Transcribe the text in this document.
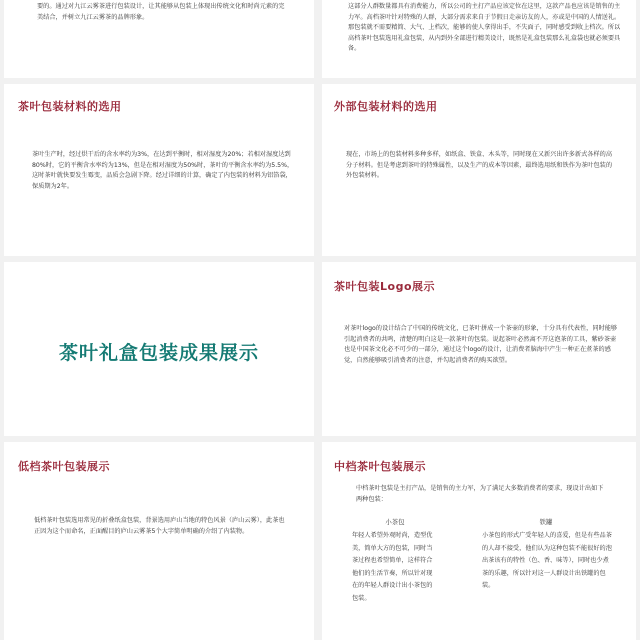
要的。通过对九江云雾茶进行包装设计，让其能够从包装上体现出传统文化和时尚元素的完美结合，并树立九江云雾茶的品牌形象。

这部分人群数量都具有消费能力，所以公司的主打产品应该定位在这里，这款产品也应该是销售的主力军。高档茶叶针对特殊的人群，大部分需求来自于节假日走亲访友的人，亦或是中国的人情送礼。那包装就不需要精简、大气、上档次，能够的使人拿得出手，不失面子，同时感受到收上档次。所以高档茶叶包装选用礼盒包装，从内到外全部进行精美设计，既然是礼盒包装那么礼盒袋也就必须要具备。

茶叶包装材料的选用

茶叶生产时，经过烘干后的含水率约为3%，在达到平衡时，相对湿度为20%；若相对湿度达到80%时，它的平衡含水率约为13%，但是在相对湿度为50%时，茶叶的平衡含水率约为5.5%，这时茶叶就快要发生霉变，品质会急剧下降。经过详细的计算，确定了内包装的材料为铝箔袋，保质期为2年。

外部包装材料的选用

现在，市场上的包装材料多种多样，如纸盒、铁盒、木头等，同时现在又新兴出许多新式各样的高分子材料。但是考虑到茶叶的特殊属性，以及生产的成本等因素，最终选用纸和铁作为茶叶包装的外包装材料。

茶叶礼盒包装成果展示
茶叶包装Logo展示

对茶叶logo的设计结合了中国的传统文化，已茶叶拼成一个茶壶的形象，十分具有代表性，同时能够引起消费者的共鸣，清楚的明白这是一款茶叶的包装。说起茶叶必然离不开这泡茶的工具，紫砂茶壶也是中国茶文化必不可少的一部分，通过这个logo的设计，让消费者脑海中产生一种正在煮茶的感觉，自然能够吸引消费者的注意，并勾起消费者的购买欲望。

低档茶叶包装展示

低档茶叶包装选用常见的折叠纸盒包装，背景选用庐山当地的特色风景（庐山云雾），此茶也正因为这个而命名，正面醒目的庐山云雾茶5个大字简单明确的介绍了内装物。

中档茶叶包装展示

中档茶叶包装是主打产品，是销售的主力军，为了满足大多数消费者的要求，现设计出如下两种包装：

小茶包

年轻人希望外观时尚，造型优美，简单大方的包装，同时当茶过程也希望简单，这样符合他们的生活节奏，所以针对现在的年轻人群设计出小茶包的包装。

铁罐

小茶包的形式广受年轻人的喜爱，但是有些品茶的人却不接受，他们认为这种包装不能很好的泡出茶该有的特性（色、香、味等），同时也少煮茶的乐趣，所以针对这一人群设计出铁罐的包装。
